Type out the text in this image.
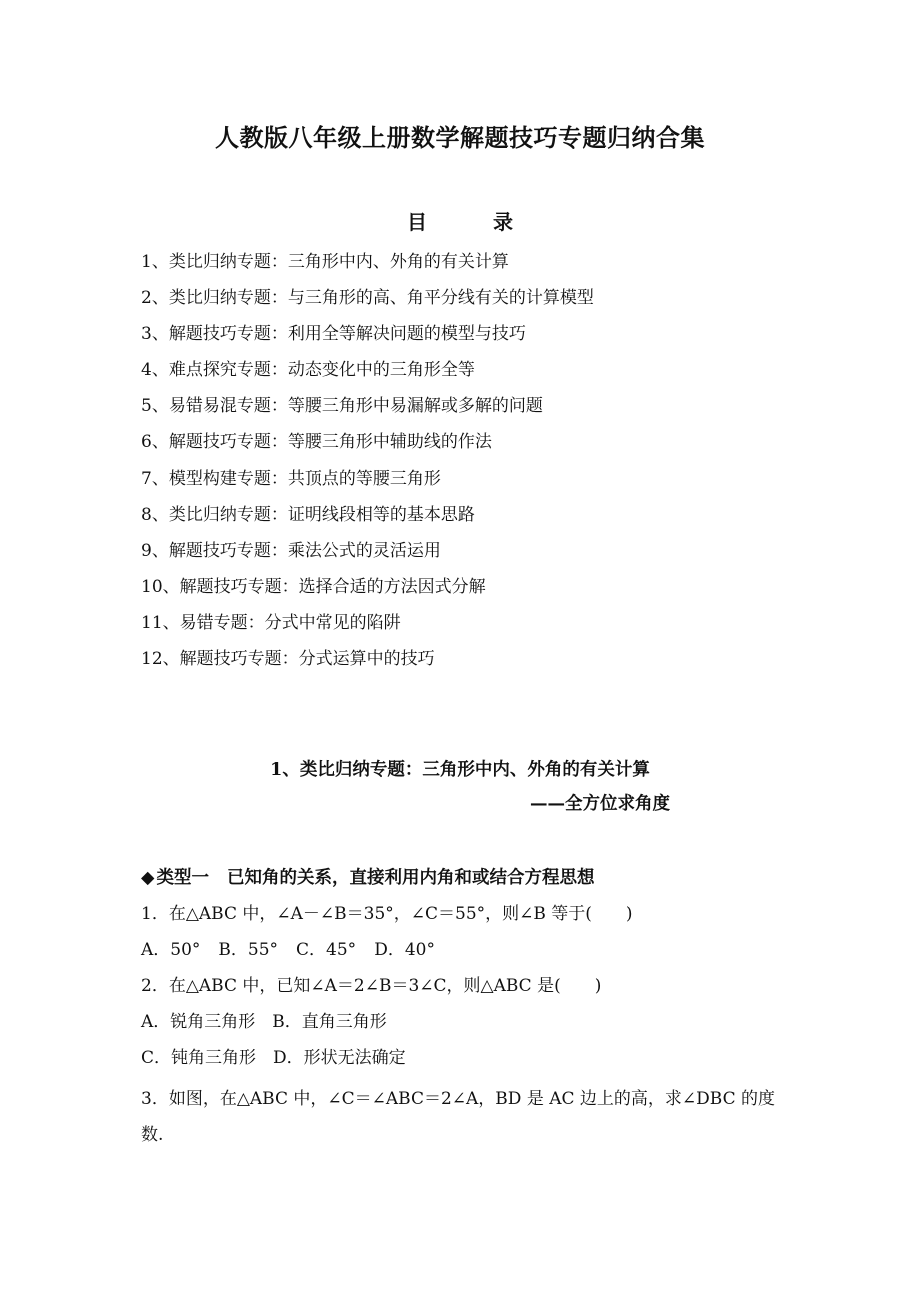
人教版八年级上册数学解题技巧专题归纳合集
目	录
1、类比归纳专题：三角形中内、外角的有关计算
2、类比归纳专题：与三角形的高、角平分线有关的计算模型
3、解题技巧专题：利用全等解决问题的模型与技巧
4、难点探究专题：动态变化中的三角形全等
5、易错易混专题：等腰三角形中易漏解或多解的问题
6、解题技巧专题：等腰三角形中辅助线的作法
7、模型构建专题：共顶点的等腰三角形
8、类比归纳专题：证明线段相等的基本思路
9、解题技巧专题：乘法公式的灵活运用
10、解题技巧专题：选择合适的方法因式分解
11、易错专题：分式中常见的陷阱
12、解题技巧专题：分式运算中的技巧
1、类比归纳专题：三角形中内、外角的有关计算
——全方位求角度
◆ 类型一 已知角的关系，直接利用内角和或结合方程思想

1．在△ABC 中，∠A－∠B＝35°，∠C＝55°，则∠B 等于(　　)

A．50° B．55° C．45° D．40°

2．在△ABC 中，已知∠A＝2∠B＝3∠C，则△ABC 是(　　)

A．锐角三角形　B．直角三角形

C．钝角三角形　D．形状无法确定

3．如图，在△ABC 中，∠C＝∠ABC＝2∠A，BD 是 AC 边上的高，求∠DBC 的度数.
